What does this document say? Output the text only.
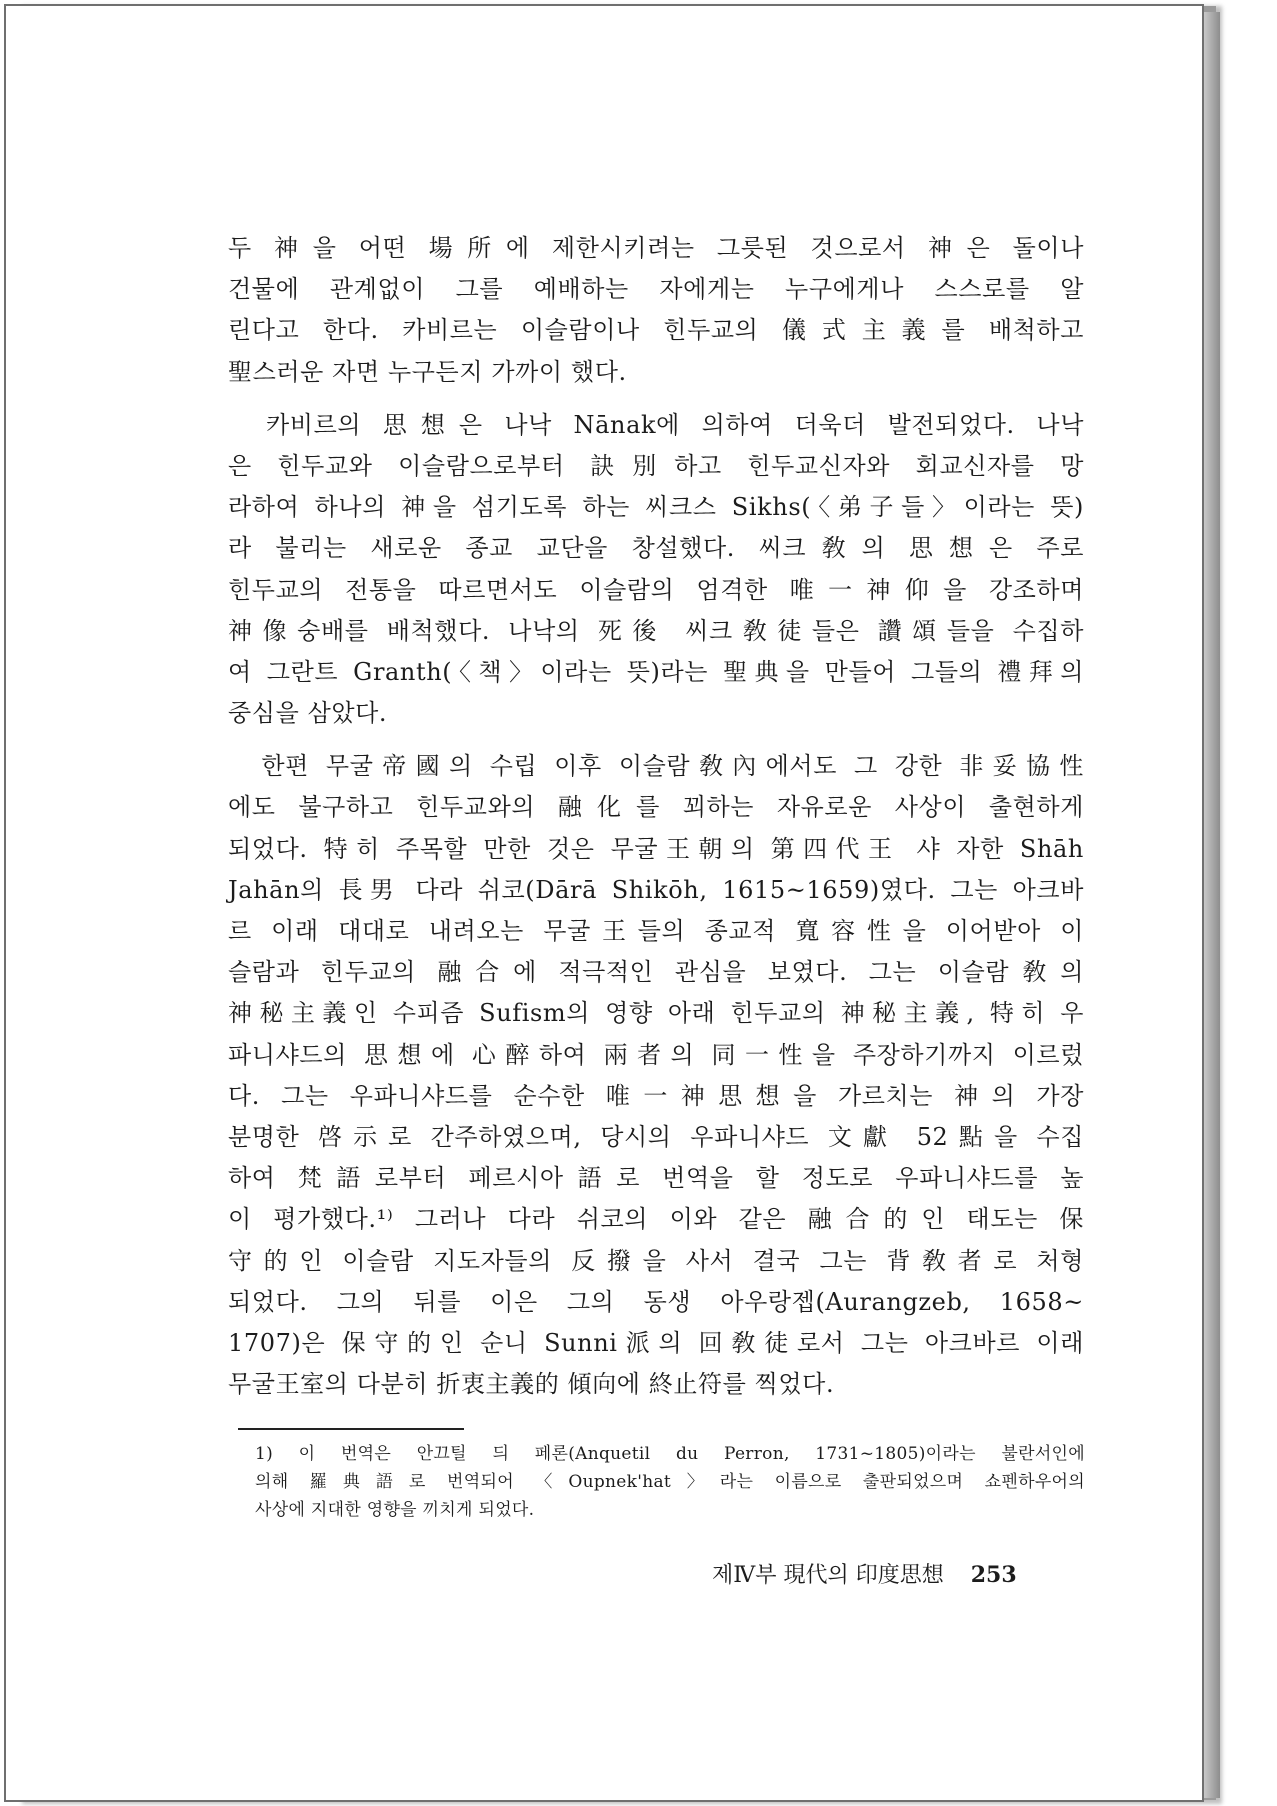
두 神을 어떤 場所에 제한시키려는 그릇된 것으로서 神은 돌이나
건물에 관계없이 그를 예배하는 자에게는 누구에게나 스스로를 알
린다고 한다. 카비르는 이슬람이나 힌두교의 儀式主義를 배척하고
聖스러운 자면 누구든지 가까이 했다.
　카비르의 思想은 나낙 Nānak에 의하여 더욱더 발전되었다. 나낙
은 힌두교와 이슬람으로부터 訣別하고 힌두교신자와 회교신자를 망
라하여 하나의 神을 섬기도록 하는 씨크스 Sikhs(〈弟子들〉이라는 뜻)
라 불리는 새로운 종교 교단을 창설했다. 씨크敎의 思想은 주로
힌두교의 전통을 따르면서도 이슬람의 엄격한 唯一神仰을 강조하며
神像숭배를 배척했다. 나낙의 死後 씨크敎徒들은 讚頌들을 수집하
여 그란트 Granth(〈책〉이라는 뜻)라는 聖典을 만들어 그들의 禮拜의
중심을 삼았다.
　한편 무굴帝國의 수립 이후 이슬람敎內에서도 그 강한 非妥協性
에도 불구하고 힌두교와의 融化를 꾀하는 자유로운 사상이 출현하게
되었다. 特히 주목할 만한 것은 무굴王朝의 第四代王 샤 자한 Shāh
Jahān의 長男 다라 쉬코(Dārā Shikōh, 1615~1659)였다. 그는 아크바
르 이래 대대로 내려오는 무굴王들의 종교적 寬容性을 이어받아 이
슬람과 힌두교의 融合에 적극적인 관심을 보였다. 그는 이슬람敎의
神秘主義인 수피즘 Sufism의 영향 아래 힌두교의 神秘主義, 特히 우
파니샤드의 思想에 心醉하여 兩者의 同一性을 주장하기까지 이르렀
다. 그는 우파니샤드를 순수한 唯一神思想을 가르치는 神의 가장
분명한 啓示로 간주하였으며, 당시의 우파니샤드 文獻 52點을 수집
하여 梵語로부터 페르시아語로 번역을 할 정도로 우파니샤드를 높
이 평가했다.¹⁾ 그러나 다라 쉬코의 이와 같은 融合的인 태도는 保
守的인 이슬람 지도자들의 反撥을 사서 결국 그는 背敎者로 처형
되었다. 그의 뒤를 이은 그의 동생 아우랑젭(Aurangzeb, 1658~
1707)은 保守的인 순니 Sunni派의 回敎徒로서 그는 아크바르 이래
무굴王室의 다분히 折衷主義的 傾向에 終止符를 찍었다.
1) 이 번역은 안끄틸 듸 페론(Anquetil du Perron, 1731~1805)이라는 불란서인에
의해 羅典語로 번역되어 〈Oupnek'hat〉라는 이름으로 출판되었으며 쇼펜하우어의
사상에 지대한 영향을 끼치게 되었다.
제Ⅳ부 現代의 印度思想 253
